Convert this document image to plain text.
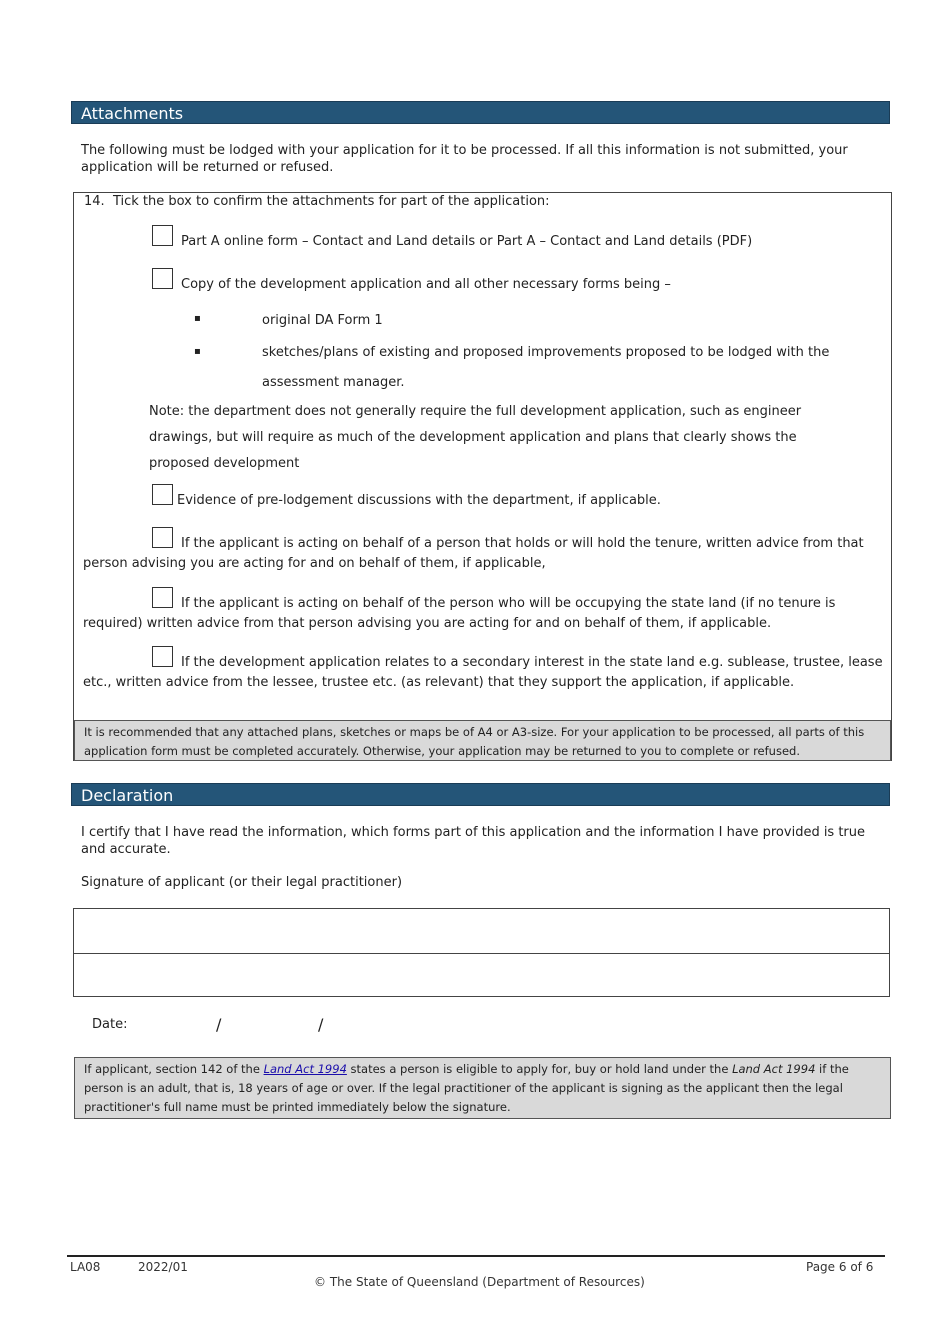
Attachments
The following must be lodged with your application for it to be processed. If all this information is not submitted, your application will be returned or refused.
14. Tick the box to confirm the attachments for part of the application:
Part A online form – Contact and Land details or Part A – Contact and Land details (PDF)
Copy of the development application and all other necessary forms being –
▪	original DA Form 1
▪	sketches/plans of existing and proposed improvements proposed to be lodged with the
assessment manager.
Note: the department does not generally require the full development application, such as engineer drawings, but will require as much of the development application and plans that clearly shows the proposed development
Evidence of pre-lodgement discussions with the department, if applicable.
If the applicant is acting on behalf of a person that holds or will hold the tenure, written advice from that person advising you are acting for and on behalf of them, if applicable,
If the applicant is acting on behalf of the person who will be occupying the state land (if no tenure is required) written advice from that person advising you are acting for and on behalf of them, if applicable.
If the development application relates to a secondary interest in the state land e.g. sublease, trustee, lease etc., written advice from the lessee, trustee etc. (as relevant) that they support the application, if applicable.
It is recommended that any attached plans, sketches or maps be of A4 or A3-size. For your application to be processed, all parts of this application form must be completed accurately. Otherwise, your application may be returned to you to complete or refused.
Declaration
I certify that I have read the information, which forms part of this application and the information I have provided is true and accurate.
Signature of applicant (or their legal practitioner)
Date:	/	/
If applicant, section 142 of the Land Act 1994 states a person is eligible to apply for, buy or hold land under the Land Act 1994 if the person is an adult, that is, 18 years of age or over. If the legal practitioner of the applicant is signing as the applicant then the legal practitioner's full name must be printed immediately below the signature.
LA08	2022/01	Page 6 of 6
© The State of Queensland (Department of Resources)
